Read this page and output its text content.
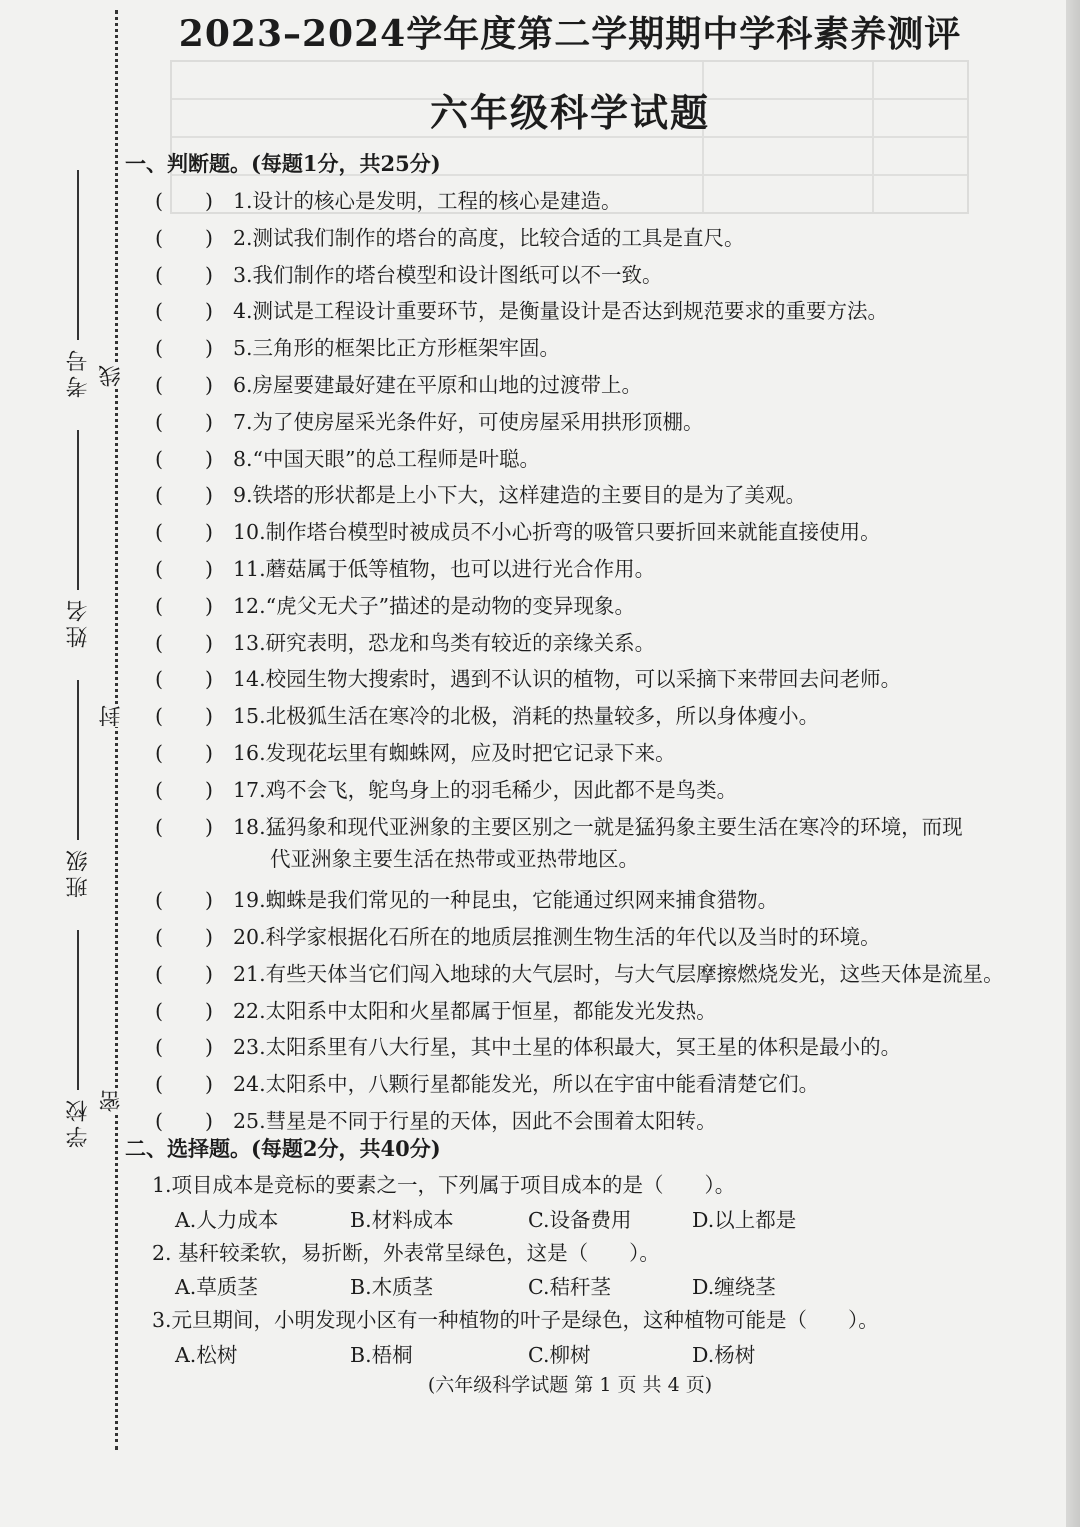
考号
姓名
班级
学校
线
封
密
2023–2024学年度第二学期期中学科素养测评
六年级科学试题
一、判断题。(每题1分，共25分)
( ) 1.设计的核心是发明，工程的核心是建造。
( ) 2.测试我们制作的塔台的高度，比较合适的工具是直尺。
( ) 3.我们制作的塔台模型和设计图纸可以不一致。
( ) 4.测试是工程设计重要环节，是衡量设计是否达到规范要求的重要方法。
( ) 5.三角形的框架比正方形框架牢固。
( ) 6.房屋要建最好建在平原和山地的过渡带上。
( ) 7.为了使房屋采光条件好，可使房屋采用拱形顶棚。
( ) 8.“中国天眼”的总工程师是叶聪。
( ) 9.铁塔的形状都是上小下大，这样建造的主要目的是为了美观。
( ) 10.制作塔台模型时被成员不小心折弯的吸管只要折回来就能直接使用。
( ) 11.蘑菇属于低等植物，也可以进行光合作用。
( ) 12.“虎父无犬子”描述的是动物的变异现象。
( ) 13.研究表明，恐龙和鸟类有较近的亲缘关系。
( ) 14.校园生物大搜索时，遇到不认识的植物，可以采摘下来带回去问老师。
( ) 15.北极狐生活在寒冷的北极，消耗的热量较多，所以身体瘦小。
( ) 16.发现花坛里有蜘蛛网，应及时把它记录下来。
( ) 17.鸡不会飞，鸵鸟身上的羽毛稀少，因此都不是鸟类。
( ) 18.猛犸象和现代亚洲象的主要区别之一就是猛犸象主要生活在寒冷的环境，而现
( ) 19.蜘蛛是我们常见的一种昆虫，它能通过织网来捕食猎物。
( ) 20.科学家根据化石所在的地质层推测生物生活的年代以及当时的环境。
( ) 21.有些天体当它们闯入地球的大气层时，与大气层摩擦燃烧发光，这些天体是流星。
( ) 22.太阳系中太阳和火星都属于恒星，都能发光发热。
( ) 23.太阳系里有八大行星，其中土星的体积最大，冥王星的体积是最小的。
( ) 24.太阳系中，八颗行星都能发光，所以在宇宙中能看清楚它们。
( ) 25.彗星是不同于行星的天体，因此不会围着太阳转。
代亚洲象主要生活在热带或亚热带地区。
二、选择题。(每题2分，共40分)
1.项目成本是竞标的要素之一，下列属于项目成本的是（　　）。
A.人力成本	B.材料成本	C.设备费用	D.以上都是
2. 基秆较柔软，易折断，外表常呈绿色，这是（　　）。
A.草质茎	B.木质茎	C.秸秆茎	D.缠绕茎
3.元旦期间，小明发现小区有一种植物的叶子是绿色，这种植物可能是（　　）。
A.松树	B.梧桐	C.柳树	D.杨树
(六年级科学试题 第 1 页 共 4 页)
